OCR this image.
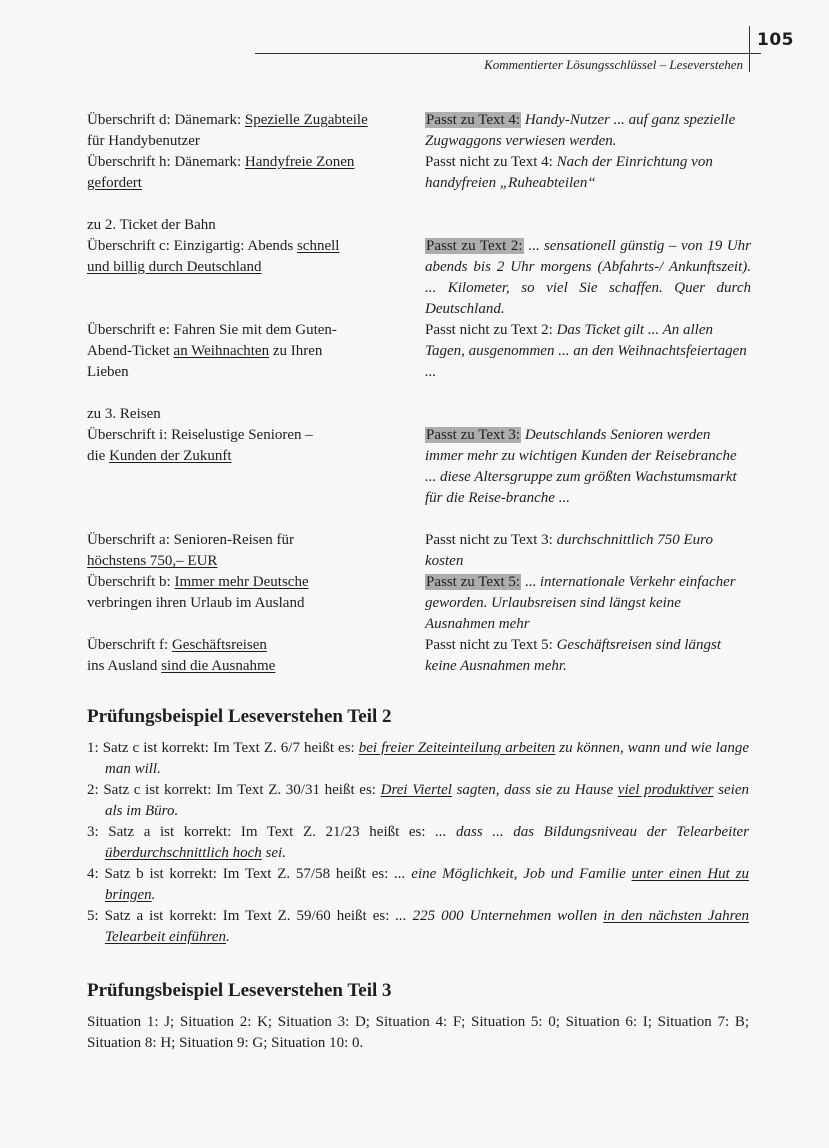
105
Kommentierter Lösungsschlüssel – Leseverstehen
Überschrift d: Dänemark: Spezielle Zugabteile
für Handybenutzer
Überschrift h: Dänemark: Handyfreie Zonen
gefordert
zu 2. Ticket der Bahn
Überschrift c: Einzigartig: Abends schnell
und billig durch Deutschland
Überschrift e: Fahren Sie mit dem Guten-
Abend-Ticket an Weihnachten zu Ihren
Lieben
zu 3. Reisen
Überschrift i: Reiselustige Senioren –
die Kunden der Zukunft
Überschrift a: Senioren-Reisen für
höchstens 750,– EUR
Überschrift b: Immer mehr Deutsche
verbringen ihren Urlaub im Ausland
Überschrift f: Geschäftsreisen
ins Ausland sind die Ausnahme
Passt zu Text 4: Handy-Nutzer ... auf ganz spezielle Zugwaggons verwiesen werden.
Passt nicht zu Text 4: Nach der Einrichtung von handyfreien „Ruheabteilen“
Passt zu Text 2: ... sensationell günstig – von 19 Uhr abends bis 2 Uhr morgens (Abfahrts-/ Ankunftszeit). ... Kilometer, so viel Sie schaffen. Quer durch Deutschland.
Passt nicht zu Text 2: Das Ticket gilt ... An allen Tagen, ausgenommen ... an den Weihnachtsfeiertagen ...
Passt zu Text 3: Deutschlands Senioren werden immer mehr zu wichtigen Kunden der Reisebranche ... diese Altersgruppe zum größten Wachstumsmarkt für die Reise-branche ...
Passt nicht zu Text 3: durchschnittlich 750 Euro kosten
Passt zu Text 5: ... internationale Verkehr einfacher geworden. Urlaubsreisen sind längst keine Ausnahmen mehr
Passt nicht zu Text 5: Geschäftsreisen sind längst keine Ausnahmen mehr.
Prüfungsbeispiel Leseverstehen Teil 2
1: Satz c ist korrekt: Im Text Z. 6/7 heißt es: bei freier Zeiteinteilung arbeiten zu können, wann und wie lange man will.
2: Satz c ist korrekt: Im Text Z. 30/31 heißt es: Drei Viertel sagten, dass sie zu Hause viel produktiver seien als im Büro.
3: Satz a ist korrekt: Im Text Z. 21/23 heißt es: ... dass ... das Bildungsniveau der Telearbeiter überdurchschnittlich hoch sei.
4: Satz b ist korrekt: Im Text Z. 57/58 heißt es: ... eine Möglichkeit, Job und Familie unter einen Hut zu bringen.
5: Satz a ist korrekt: Im Text Z. 59/60 heißt es: ... 225 000 Unternehmen wollen in den nächsten Jahren Telearbeit einführen.
Prüfungsbeispiel Leseverstehen Teil 3
Situation 1: J; Situation 2: K; Situation 3: D; Situation 4: F; Situation 5: 0; Situation 6: I; Situation 7: B; Situation 8: H; Situation 9: G; Situation 10: 0.
